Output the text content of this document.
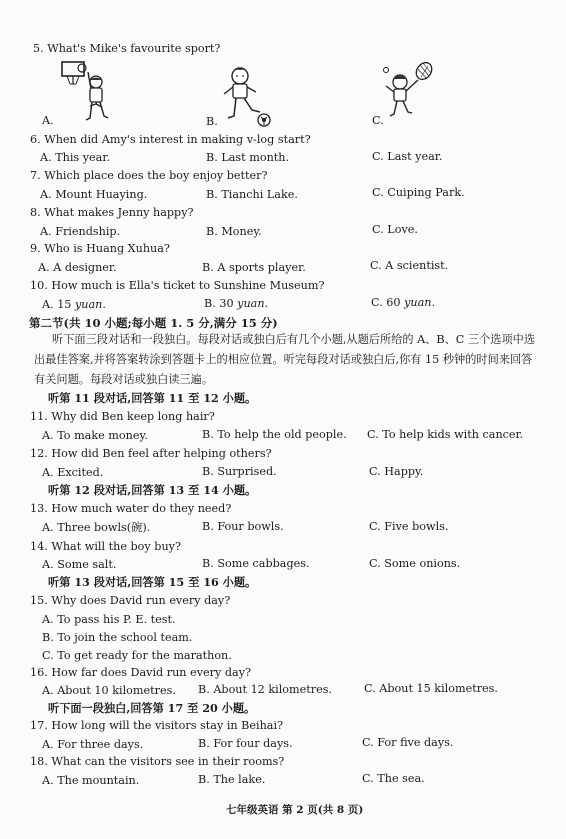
5. What's Mike's favourite sport?
A.	B.	C.
6. When did Amy's interest in making v-log start?
A. This year.	B. Last month.	C. Last year.
7. Which place does the boy enjoy better?
A. Mount Huaying.	B. Tianchi Lake.	C. Cuiping Park.
8. What makes Jenny happy?
A. Friendship.	B. Money.	C. Love.
9. Who is Huang Xuhua?
A. A designer.	B. A sports player.	C. A scientist.
10. How much is Ella's ticket to Sunshine Museum?
A. 15 yuan.	B. 30 yuan.	C. 60 yuan.
第二节(共 10 小题;每小题 1. 5 分,满分 15 分)
听下面三段对话和一段独白。每段对话或独白后有几个小题,从题后所给的 A、B、C 三个选项中选出最佳答案,并将答案转涂到答题卡上的相应位置。听完每段对话或独白后,你有 15 秒钟的时间来回答有关问题。每段对话或独白读三遍。
听第 11 段对话,回答第 11 至 12 小题。
11. Why did Ben keep long hair?
A. To make money.	B. To help the old people. C. To help kids with cancer.
12. How did Ben feel after helping others?
A. Excited.	B. Surprised.	C. Happy.
听第 12 段对话,回答第 13 至 14 小题。
13. How much water do they need?
A. Three bowls(碗).	B. Four bowls.	C. Five bowls.
14. What will the boy buy?
A. Some salt.	B. Some cabbages.	C. Some onions.
听第 13 段对话,回答第 15 至 16 小题。
15. Why does David run every day?
A. To pass his P. E. test.
B. To join the school team.
C. To get ready for the marathon.
16. How far does David run every day?
A. About 10 kilometres. B. About 12 kilometres.	C. About 15 kilometres.
听下面一段独白,回答第 17 至 20 小题。
17. How long will the visitors stay in Beihai?
A. For three days.	B. For four days.	C. For five days.
18. What can the visitors see in their rooms?
A. The mountain.	B. The lake.	C. The sea.
七年级英语 第 2 页(共 8 页)
